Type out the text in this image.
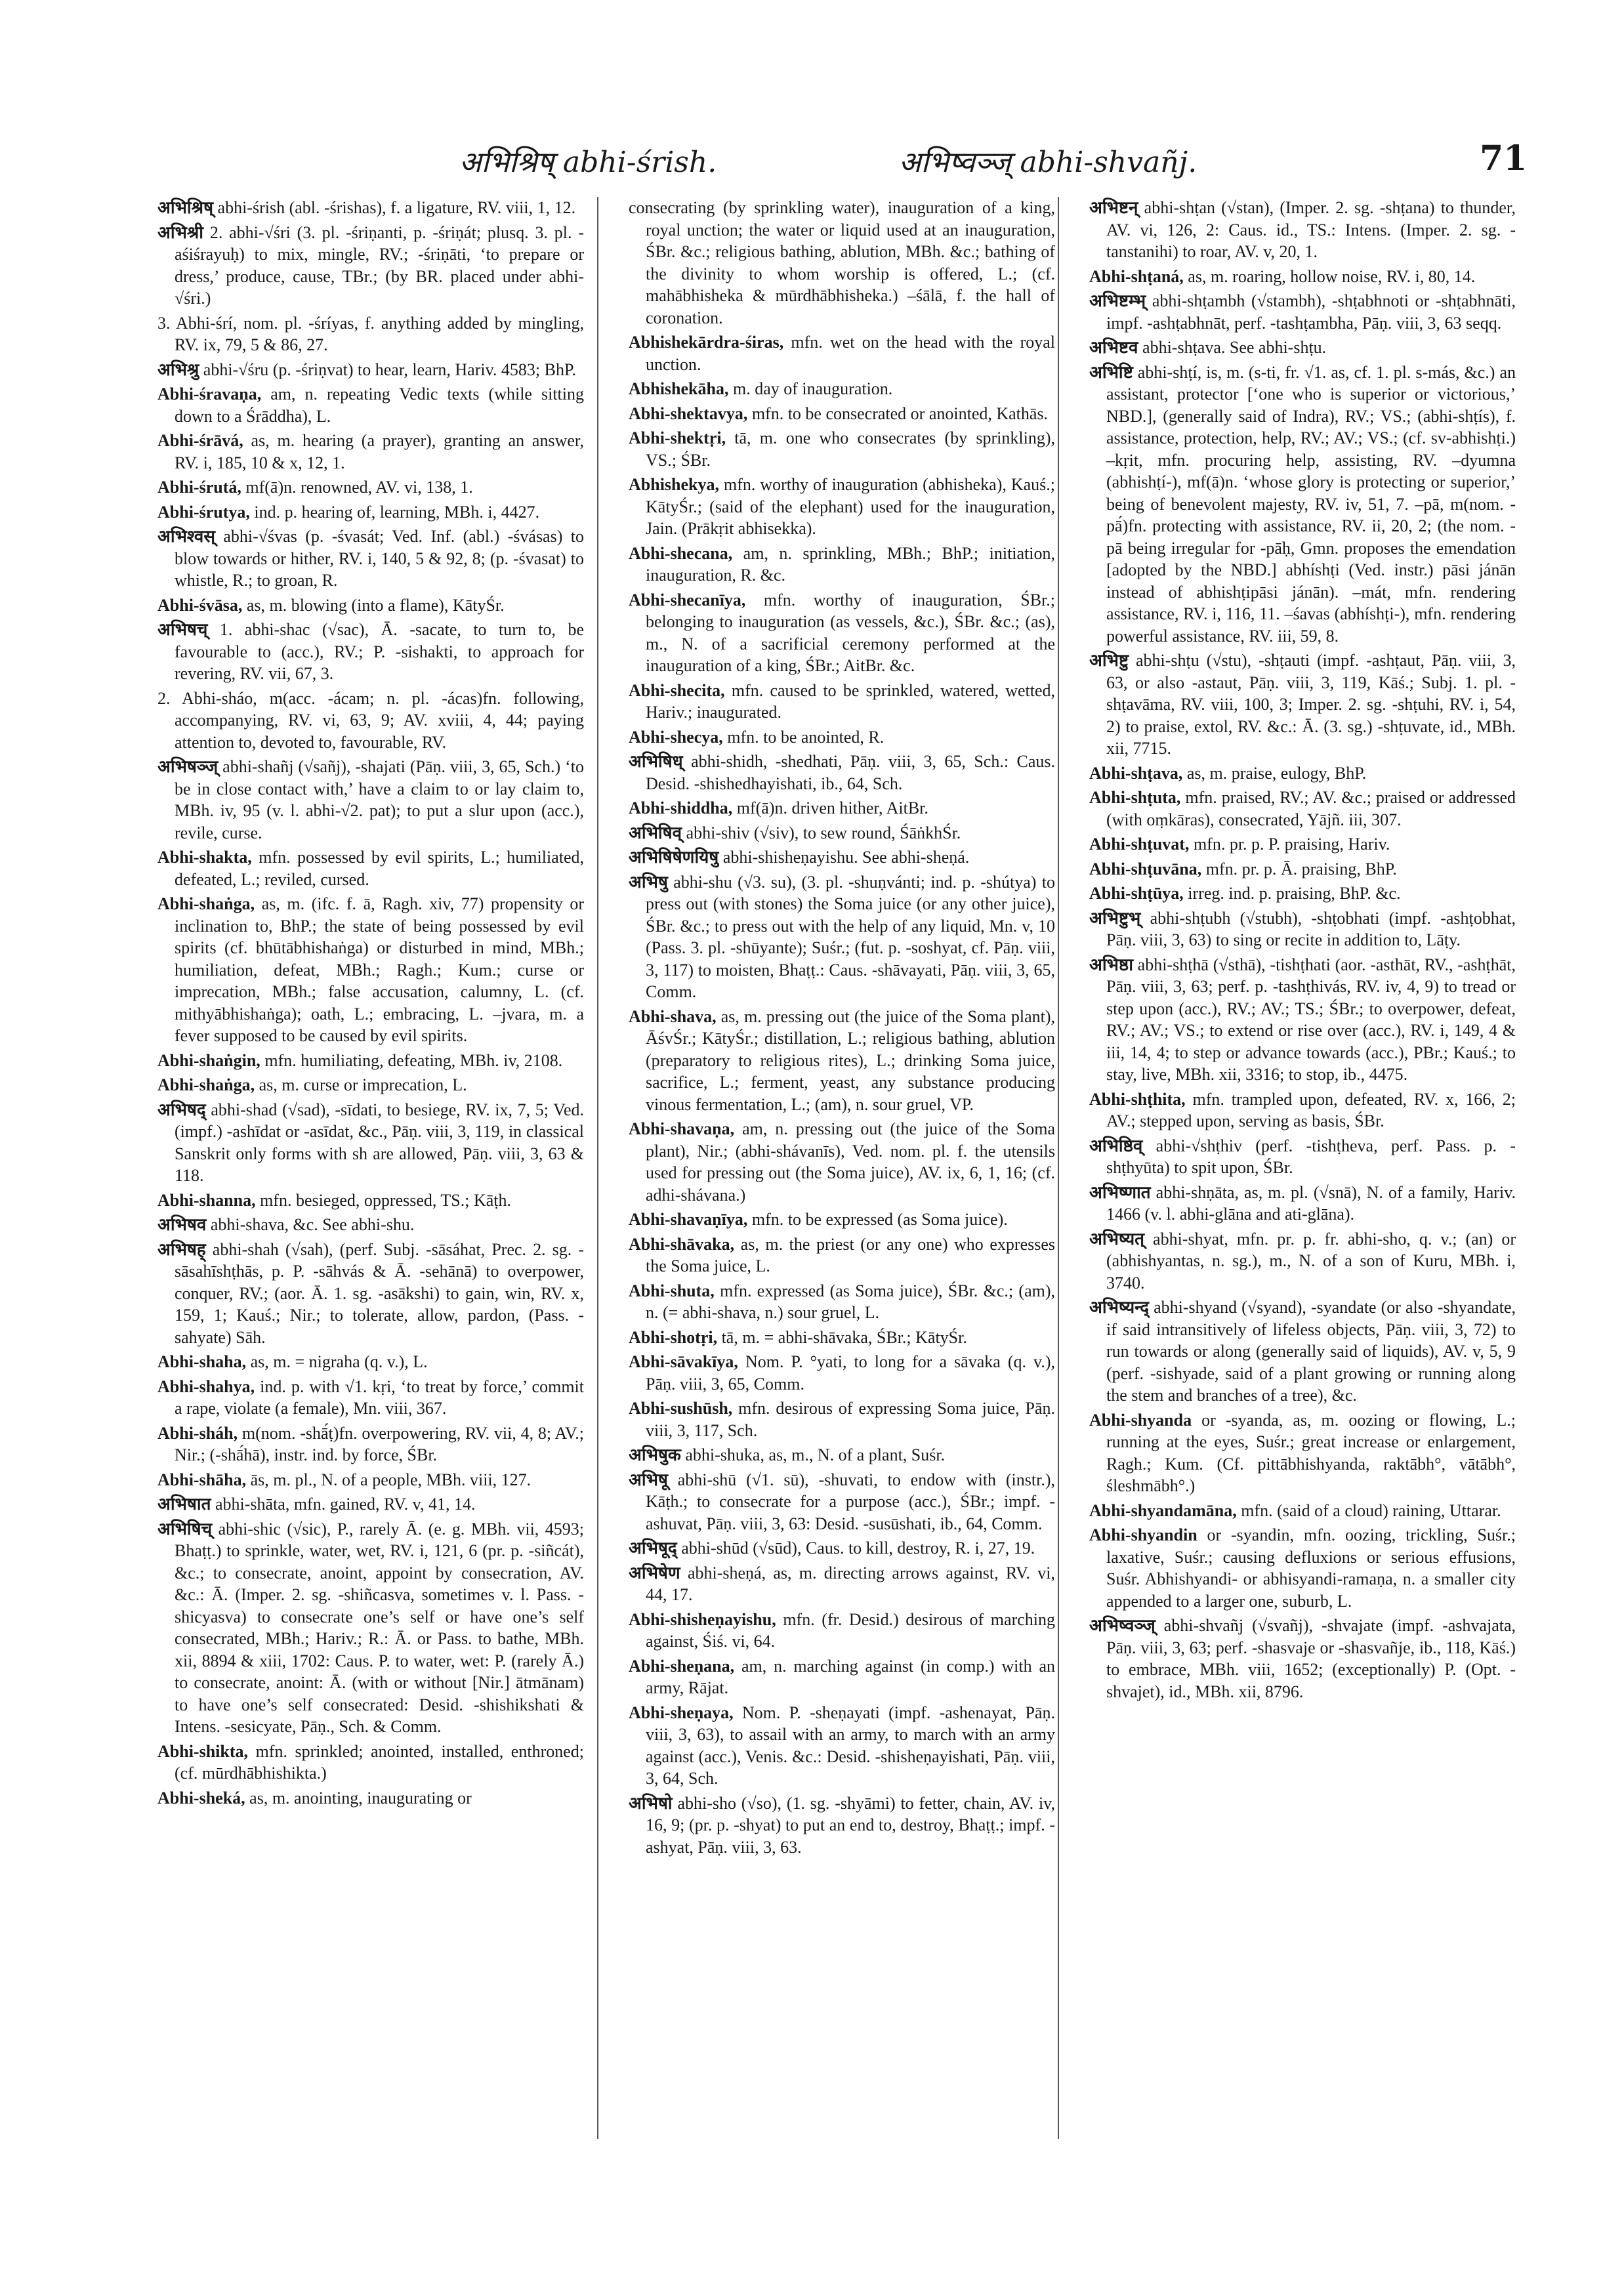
अभिश्रिष् abhi-śrish.	अभिष्वञ्ज् abhi-shvañj.	71
अभिश्रिष् abhi-śrish (abl. -śrishas), f. a ligature, RV. viii, 1, 12.
अभिश्री 2. abhi-√śri (3. pl. -śriṇanti, p. -śriṇát; plusq. 3. pl. -aśiśrayuḥ) to mix, mingle, RV.; -śriṇāti, ‘to prepare or dress,’ produce, cause, TBr.; (by BR. placed under abhi-√śri.)
3. Abhi-śrí, nom. pl. -śríyas, f. anything added by mingling, RV. ix, 79, 5 & 86, 27.
अभिश्रु abhi-√śru (p. -śriṇvat) to hear, learn, Hariv. 4583; BhP.
Abhi-śravaṇa, am, n. repeating Vedic texts (while sitting down to a Śrāddha), L.
Abhi-śrāvá, as, m. hearing (a prayer), granting an answer, RV. i, 185, 10 & x, 12, 1.
Abhi-śrutá, mf(ā)n. renowned, AV. vi, 138, 1.
Abhi-śrutya, ind. p. hearing of, learning, MBh. i, 4427.
अभिश्वस् abhi-√śvas (p. -śvasát; Ved. Inf. (abl.) -śvásas) to blow towards or hither, RV. i, 140, 5 & 92, 8; (p. -śvasat) to whistle, R.; to groan, R.
Abhi-śvāsa, as, m. blowing (into a flame), KātyŚr.
अभिषच् 1. abhi-shac (√sac), Ā. -sacate, to turn to, be favourable to (acc.), RV.; P. -sishakti, to approach for revering, RV. vii, 67, 3.
2. Abhi-sháo, m(acc. -ácam; n. pl. -ácas)fn. following, accompanying, RV. vi, 63, 9; AV. xviii, 4, 44; paying attention to, devoted to, favourable, RV.
अभिषञ्ज् abhi-shañj (√sañj), -shajati (Pāṇ. viii, 3, 65, Sch.) ‘to be in close contact with,’ have a claim to or lay claim to, MBh. iv, 95 (v. l. abhi-√2. pat); to put a slur upon (acc.), revile, curse.
Abhi-shakta, mfn. possessed by evil spirits, L.; humiliated, defeated, L.; reviled, cursed.
Abhi-shaṅga, as, m. (ifc. f. ā, Ragh. xiv, 77) propensity or inclination to, BhP.; the state of being possessed by evil spirits (cf. bhūtābhishaṅga) or disturbed in mind, MBh.; humiliation, defeat, MBh.; Ragh.; Kum.; curse or imprecation, MBh.; false accusation, calumny, L. (cf. mithyābhishaṅga); oath, L.; embracing, L. –jvara, m. a fever supposed to be caused by evil spirits.
Abhi-shaṅgin, mfn. humiliating, defeating, MBh. iv, 2108.
Abhi-shaṅga, as, m. curse or imprecation, L.
अभिषद् abhi-shad (√sad), -sīdati, to besiege, RV. ix, 7, 5; Ved. (impf.) -ashīdat or -asīdat, &c., Pāṇ. viii, 3, 119, in classical Sanskrit only forms with sh are allowed, Pāṇ. viii, 3, 63 & 118.
Abhi-shanna, mfn. besieged, oppressed, TS.; Kāṭh.
अभिषव abhi-shava, &c. See abhi-shu.
अभिषह् abhi-shah (√sah), (perf. Subj. -sāsáhat, Prec. 2. sg. -sāsahīshṭhās, p. P. -sāhvás & Ā. -sehānā) to overpower, conquer, RV.; (aor. Ā. 1. sg. -asākshi) to gain, win, RV. x, 159, 1; Kauś.; Nir.; to tolerate, allow, pardon, (Pass. -sahyate) Sāh.
Abhi-shaha, as, m. = nigraha (q. v.), L.
Abhi-shahya, ind. p. with √1. kṛi, ‘to treat by force,’ commit a rape, violate (a female), Mn. viii, 367.
Abhi-sháh, m(nom. -shā́ṭ)fn. overpowering, RV. vii, 4, 8; AV.; Nir.; (-shā́hā), instr. ind. by force, ŚBr.
Abhi-shāha, ās, m. pl., N. of a people, MBh. viii, 127.
अभिषात abhi-shāta, mfn. gained, RV. v, 41, 14.
अभिषिच् abhi-shic (√sic), P., rarely Ā. (e. g. MBh. vii, 4593; Bhaṭṭ.) to sprinkle, water, wet, RV. i, 121, 6 (pr. p. -siñcát), &c.; to consecrate, anoint, appoint by consecration, AV. &c.: Ā. (Imper. 2. sg. -shiñcasva, sometimes v. l. Pass. -shicyasva) to consecrate one’s self or have one’s self consecrated, MBh.; Hariv.; R.: Ā. or Pass. to bathe, MBh. xii, 8894 & xiii, 1702: Caus. P. to water, wet: P. (rarely Ā.) to consecrate, anoint: Ā. (with or without [Nir.] ātmānam) to have one’s self consecrated: Desid. -shishikshati & Intens. -sesicyate, Pāṇ., Sch. & Comm.
Abhi-shikta, mfn. sprinkled; anointed, installed, enthroned; (cf. mūrdhābhishikta.)
Abhi-sheká, as, m. anointing, inaugurating or
consecrating (by sprinkling water), inauguration of a king, royal unction; the water or liquid used at an inauguration, ŚBr. &c.; religious bathing, ablution, MBh. &c.; bathing of the divinity to whom worship is offered, L.; (cf. mahābhisheka & mūrdhābhisheka.) –śālā, f. the hall of coronation.
Abhishekārdra-śiras, mfn. wet on the head with the royal unction.
Abhishekāha, m. day of inauguration.
Abhi-shektavya, mfn. to be consecrated or anointed, Kathās.
Abhi-shektṛi, tā, m. one who consecrates (by sprinkling), VS.; ŚBr.
Abhishekya, mfn. worthy of inauguration (abhisheka), Kauś.; KātyŚr.; (said of the elephant) used for the inauguration, Jain. (Prākṛit abhisekka).
Abhi-shecana, am, n. sprinkling, MBh.; BhP.; initiation, inauguration, R. &c.
Abhi-shecanīya, mfn. worthy of inauguration, ŚBr.; belonging to inauguration (as vessels, &c.), ŚBr. &c.; (as), m., N. of a sacrificial ceremony performed at the inauguration of a king, ŚBr.; AitBr. &c.
Abhi-shecita, mfn. caused to be sprinkled, watered, wetted, Hariv.; inaugurated.
Abhi-shecya, mfn. to be anointed, R.
अभिषिध् abhi-shidh, -shedhati, Pāṇ. viii, 3, 65, Sch.: Caus. Desid. -shishedhayishati, ib., 64, Sch.
Abhi-shiddha, mf(ā)n. driven hither, AitBr.
अभिषिव् abhi-shiv (√siv), to sew round, ŚāṅkhŚr.
अभिषिषेणयिषु abhi-shisheṇayishu. See abhi-sheṇá.
अभिषु abhi-shu (√3. su), (3. pl. -shuṇvánti; ind. p. -shútya) to press out (with stones) the Soma juice (or any other juice), ŚBr. &c.; to press out with the help of any liquid, Mn. v, 10 (Pass. 3. pl. -shūyante); Suśr.; (fut. p. -soshyat, cf. Pāṇ. viii, 3, 117) to moisten, Bhaṭṭ.: Caus. -shāvayati, Pāṇ. viii, 3, 65, Comm.
Abhi-shava, as, m. pressing out (the juice of the Soma plant), ĀśvŚr.; KātyŚr.; distillation, L.; religious bathing, ablution (preparatory to religious rites), L.; drinking Soma juice, sacrifice, L.; ferment, yeast, any substance producing vinous fermentation, L.; (am), n. sour gruel, VP.
Abhi-shavaṇa, am, n. pressing out (the juice of the Soma plant), Nir.; (abhi-shávanīs), Ved. nom. pl. f. the utensils used for pressing out (the Soma juice), AV. ix, 6, 1, 16; (cf. adhi-shávana.)
Abhi-shavaṇīya, mfn. to be expressed (as Soma juice).
Abhi-shāvaka, as, m. the priest (or any one) who expresses the Soma juice, L.
Abhi-shuta, mfn. expressed (as Soma juice), ŚBr. &c.; (am), n. (= abhi-shava, n.) sour gruel, L.
Abhi-shotṛi, tā, m. = abhi-shāvaka, ŚBr.; KātyŚr.
Abhi-sāvakīya, Nom. P. °yati, to long for a sāvaka (q. v.), Pāṇ. viii, 3, 65, Comm.
Abhi-sushūsh, mfn. desirous of expressing Soma juice, Pāṇ. viii, 3, 117, Sch.
अभिषुक abhi-shuka, as, m., N. of a plant, Suśr.
अभिषू abhi-shū (√1. sū), -shuvati, to endow with (instr.), Kāṭh.; to consecrate for a purpose (acc.), ŚBr.; impf. -ashuvat, Pāṇ. viii, 3, 63: Desid. -susūshati, ib., 64, Comm.
अभिषूद् abhi-shūd (√sūd), Caus. to kill, destroy, R. i, 27, 19.
अभिषेण abhi-sheṇá, as, m. directing arrows against, RV. vi, 44, 17.
Abhi-shisheṇayishu, mfn. (fr. Desid.) desirous of marching against, Śiś. vi, 64.
Abhi-sheṇana, am, n. marching against (in comp.) with an army, Rājat.
Abhi-sheṇaya, Nom. P. -sheṇayati (impf. -ashenayat, Pāṇ. viii, 3, 63), to assail with an army, to march with an army against (acc.), Venis. &c.: Desid. -shisheṇayishati, Pāṇ. viii, 3, 64, Sch.
अभिषो abhi-sho (√so), (1. sg. -shyāmi) to fetter, chain, AV. iv, 16, 9; (pr. p. -shyat) to put an end to, destroy, Bhaṭṭ.; impf. -ashyat, Pāṇ. viii, 3, 63.
अभिष्टन् abhi-shṭan (√stan), (Imper. 2. sg. -shṭana) to thunder, AV. vi, 126, 2: Caus. id., TS.: Intens. (Imper. 2. sg. -tanstanihi) to roar, AV. v, 20, 1.
Abhi-shṭaná, as, m. roaring, hollow noise, RV. i, 80, 14.
अभिष्टम्भ् abhi-shṭambh (√stambh), -shṭabhnoti or -shṭabhnāti, impf. -ashṭabhnāt, perf. -tashṭambha, Pāṇ. viii, 3, 63 seqq.
अभिष्टव abhi-shṭava. See abhi-shṭu.
अभिष्टि abhi-shṭí, is, m. (s-ti, fr. √1. as, cf. 1. pl. s-más, &c.) an assistant, protector [‘one who is superior or victorious,’ NBD.], (generally said of Indra), RV.; VS.; (abhi-shṭís), f. assistance, protection, help, RV.; AV.; VS.; (cf. sv-abhishṭi.) –kṛit, mfn. procuring help, assisting, RV. –dyumna (abhishṭí-), mf(ā)n. ‘whose glory is protecting or superior,’ being of benevolent majesty, RV. iv, 51, 7. –pā, m(nom. -pā́)fn. protecting with assistance, RV. ii, 20, 2; (the nom. -pā being irregular for -pāḥ, Gmn. proposes the emendation [adopted by the NBD.] abhíshṭi (Ved. instr.) pāsi jánān instead of abhishṭipāsi jánān). –mát, mfn. rendering assistance, RV. i, 116, 11. –śavas (abhíshṭi-), mfn. rendering powerful assistance, RV. iii, 59, 8.
अभिष्टु abhi-shṭu (√stu), -shṭauti (impf. -ashṭaut, Pāṇ. viii, 3, 63, or also -astaut, Pāṇ. viii, 3, 119, Kāś.; Subj. 1. pl. -shṭavāma, RV. viii, 100, 3; Imper. 2. sg. -shṭuhi, RV. i, 54, 2) to praise, extol, RV. &c.: Ā. (3. sg.) -shṭuvate, id., MBh. xii, 7715.
Abhi-shṭava, as, m. praise, eulogy, BhP.
Abhi-shṭuta, mfn. praised, RV.; AV. &c.; praised or addressed (with oṃkāras), consecrated, Yājñ. iii, 307.
Abhi-shṭuvat, mfn. pr. p. P. praising, Hariv.
Abhi-shṭuvāna, mfn. pr. p. Ā. praising, BhP.
Abhi-shṭūya, irreg. ind. p. praising, BhP. &c.
अभिष्टुभ् abhi-shṭubh (√stubh), -shṭobhati (impf. -ashṭobhat, Pāṇ. viii, 3, 63) to sing or recite in addition to, Lāṭy.
अभिष्ठा abhi-shṭhā (√sthā), -tishṭhati (aor. -asthāt, RV., -ashṭhāt, Pāṇ. viii, 3, 63; perf. p. -tashṭhivás, RV. iv, 4, 9) to tread or step upon (acc.), RV.; AV.; TS.; ŚBr.; to overpower, defeat, RV.; AV.; VS.; to extend or rise over (acc.), RV. i, 149, 4 & iii, 14, 4; to step or advance towards (acc.), PBr.; Kauś.; to stay, live, MBh. xii, 3316; to stop, ib., 4475.
Abhi-shṭhita, mfn. trampled upon, defeated, RV. x, 166, 2; AV.; stepped upon, serving as basis, ŚBr.
अभिष्ठिव् abhi-√shṭhiv (perf. -tishṭheva, perf. Pass. p. -shṭhyūta) to spit upon, ŚBr.
अभिष्णात abhi-shṇāta, as, m. pl. (√snā), N. of a family, Hariv. 1466 (v. l. abhi-glāna and ati-glāna).
अभिष्यत् abhi-shyat, mfn. pr. p. fr. abhi-sho, q. v.; (an) or (abhishyantas, n. sg.), m., N. of a son of Kuru, MBh. i, 3740.
अभिष्यन्द् abhi-shyand (√syand), -syandate (or also -shyandate, if said intransitively of lifeless objects, Pāṇ. viii, 3, 72) to run towards or along (generally said of liquids), AV. v, 5, 9 (perf. -sishyade, said of a plant growing or running along the stem and branches of a tree), &c.
Abhi-shyanda or -syanda, as, m. oozing or flowing, L.; running at the eyes, Suśr.; great increase or enlargement, Ragh.; Kum. (Cf. pittābhishyanda, raktābh°, vātābh°, śleshmābh°.)
Abhi-shyandamāna, mfn. (said of a cloud) raining, Uttarar.
Abhi-shyandin or -syandin, mfn. oozing, trickling, Suśr.; laxative, Suśr.; causing defluxions or serious effusions, Suśr. Abhishyandi- or abhisyandi-ramaṇa, n. a smaller city appended to a larger one, suburb, L.
अभिष्वञ्ज् abhi-shvañj (√svañj), -shvajate (impf. -ashvajata, Pāṇ. viii, 3, 63; perf. -shasvaje or -shasvañje, ib., 118, Kāś.) to embrace, MBh. viii, 1652; (exceptionally) P. (Opt. -shvajet), id., MBh. xii, 8796.
